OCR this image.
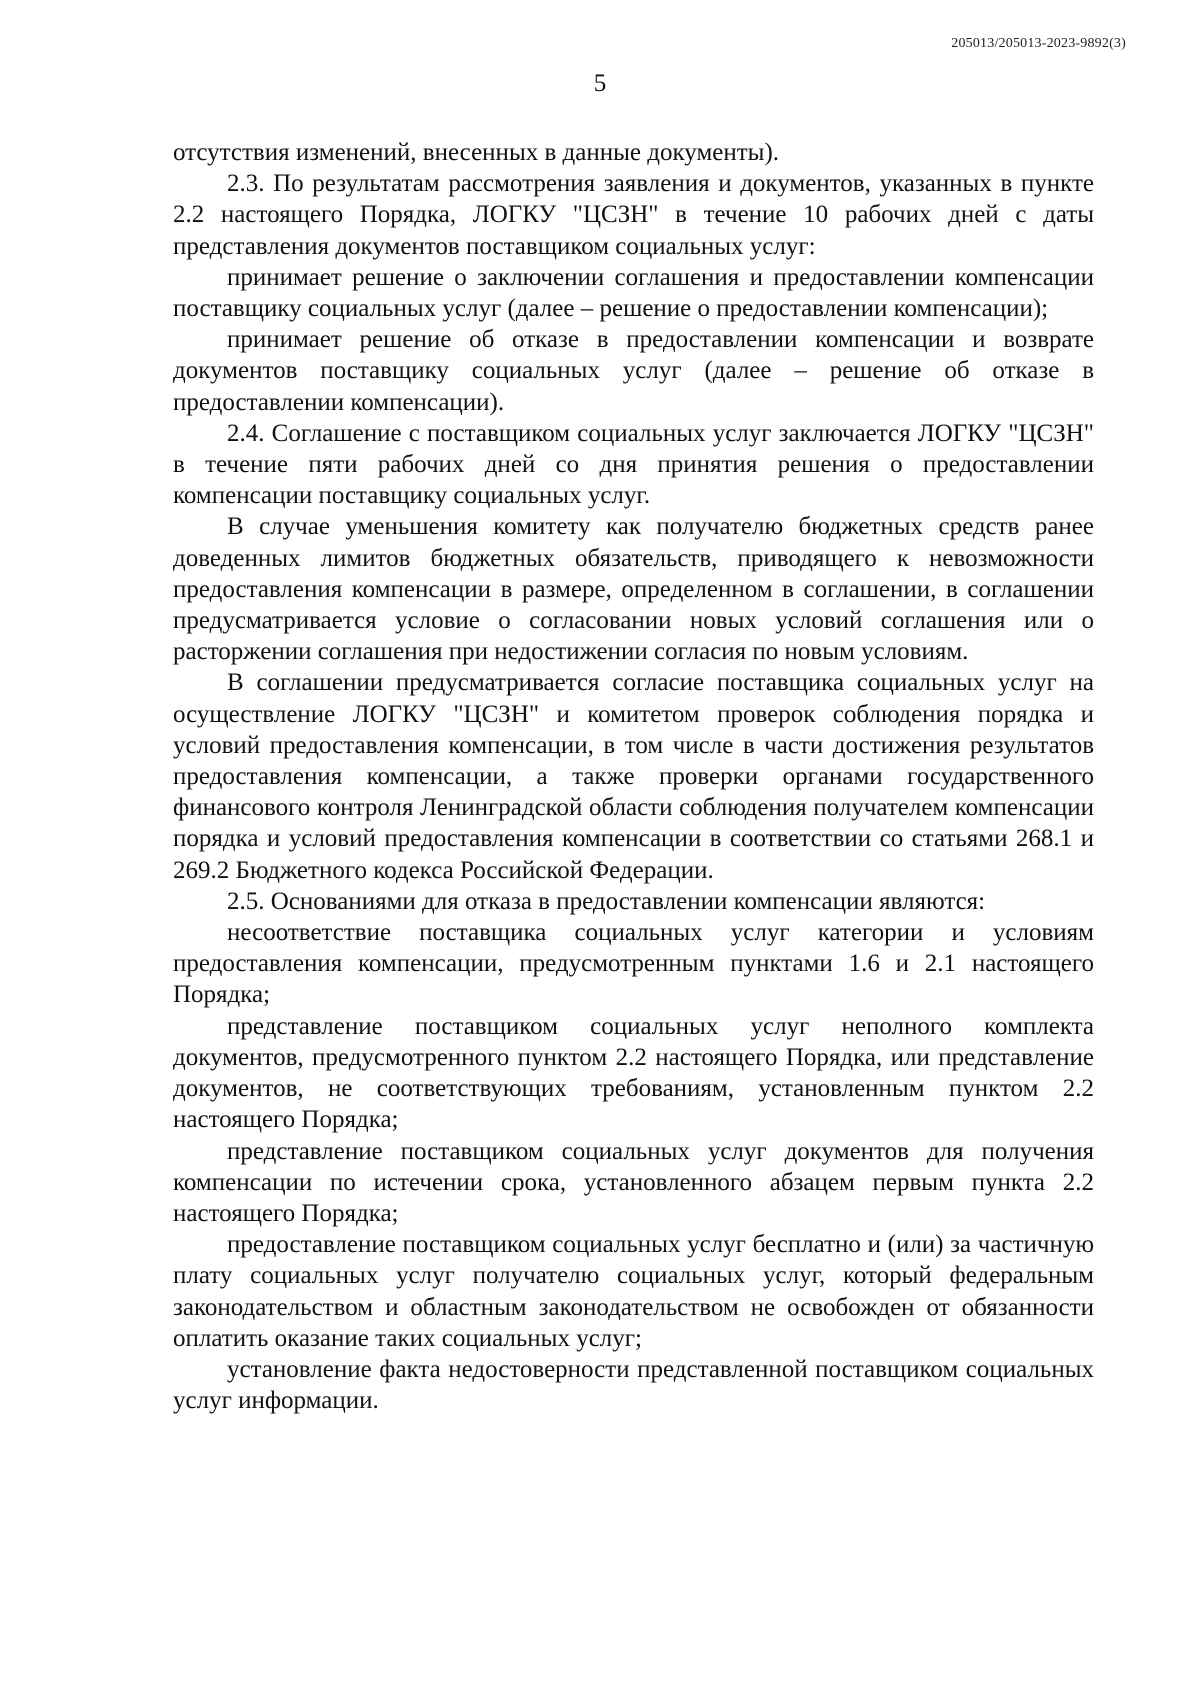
205013/205013-2023-9892(3)
5

отсутствия изменений, внесенных в данные документы).

2.3. По результатам рассмотрения заявления и документов, указанных в пункте 2.2 настоящего Порядка, ЛОГКУ "ЦСЗН" в течение 10 рабочих дней с даты представления документов поставщиком социальных услуг:

принимает решение о заключении соглашения и предоставлении компенсации поставщику социальных услуг (далее – решение о предоставлении компенсации);

принимает решение об отказе в предоставлении компенсации и возврате документов поставщику социальных услуг (далее – решение об отказе в предоставлении компенсации).

2.4. Соглашение с поставщиком социальных услуг заключается ЛОГКУ "ЦСЗН" в течение пяти рабочих дней со дня принятия решения о предоставлении компенсации поставщику социальных услуг.

В случае уменьшения комитету как получателю бюджетных средств ранее доведенных лимитов бюджетных обязательств, приводящего к невозможности предоставления компенсации в размере, определенном в соглашении, в соглашении предусматривается условие о согласовании новых условий соглашения или о расторжении соглашения при недостижении согласия по новым условиям.

В соглашении предусматривается согласие поставщика социальных услуг на осуществление ЛОГКУ "ЦСЗН" и комитетом проверок соблюдения порядка и условий предоставления компенсации, в том числе в части достижения результатов предоставления компенсации, а также проверки органами государственного финансового контроля Ленинградской области соблюдения получателем компенсации порядка и условий предоставления компенсации в соответствии со статьями 268.1 и 269.2 Бюджетного кодекса Российской Федерации.

2.5. Основаниями для отказа в предоставлении компенсации являются:

несоответствие поставщика социальных услуг категории и условиям предоставления компенсации, предусмотренным пунктами 1.6 и 2.1 настоящего Порядка;

представление поставщиком социальных услуг неполного комплекта документов, предусмотренного пунктом 2.2 настоящего Порядка, или представление документов, не соответствующих требованиям, установленным пунктом 2.2 настоящего Порядка;

представление поставщиком социальных услуг документов для получения компенсации по истечении срока, установленного абзацем первым пункта 2.2 настоящего Порядка;

предоставление поставщиком социальных услуг бесплатно и (или) за частичную плату социальных услуг получателю социальных услуг, который федеральным законодательством и областным законодательством не освобожден от обязанности оплатить оказание таких социальных услуг;

установление факта недостоверности представленной поставщиком социальных услуг информации.
